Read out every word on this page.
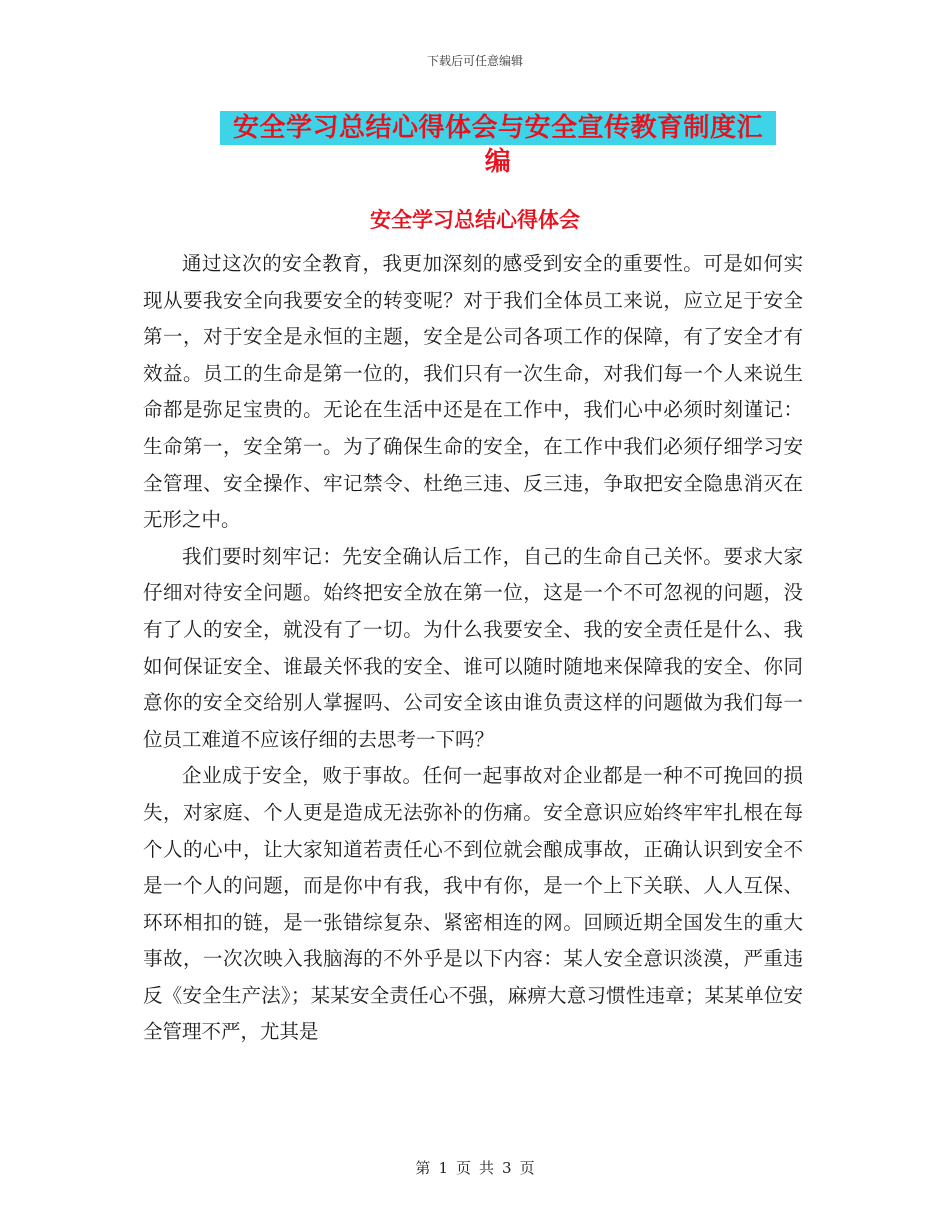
下载后可任意编辑
安全学习总结心得体会与安全宣传教育制度汇编
安全学习总结心得体会

通过这次的安全教育，我更加深刻的感受到安全的重要性。可是如何实现从要我安全向我要安全的转变呢？对于我们全体员工来说，应立足于安全第一，对于安全是永恒的主题，安全是公司各项工作的保障，有了安全才有效益。员工的生命是第一位的，我们只有一次生命，对我们每一个人来说生命都是弥足宝贵的。无论在生活中还是在工作中，我们心中必须时刻谨记：生命第一，安全第一。为了确保生命的安全，在工作中我们必须仔细学习安全管理、安全操作、牢记禁令、杜绝三违、反三违，争取把安全隐患消灭在无形之中。

我们要时刻牢记：先安全确认后工作，自己的生命自己关怀。要求大家仔细对待安全问题。始终把安全放在第一位，这是一个不可忽视的问题，没有了人的安全，就没有了一切。为什么我要安全、我的安全责任是什么、我如何保证安全、谁最关怀我的安全、谁可以随时随地来保障我的安全、你同意你的安全交给别人掌握吗、公司安全该由谁负责这样的问题做为我们每一位员工难道不应该仔细的去思考一下吗？

企业成于安全，败于事故。任何一起事故对企业都是一种不可挽回的损失，对家庭、个人更是造成无法弥补的伤痛。安全意识应始终牢牢扎根在每个人的心中，让大家知道若责任心不到位就会酿成事故，正确认识到安全不是一个人的问题，而是你中有我，我中有你，是一个上下关联、人人互保、环环相扣的链，是一张错综复杂、紧密相连的网。回顾近期全国发生的重大事故，一次次映入我脑海的不外乎是以下内容：某人安全意识淡漠，严重违反《安全生产法》；某某安全责任心不强，麻痹大意习惯性违章；某某单位安全管理不严，尤其是

第 1 页 共 3 页
